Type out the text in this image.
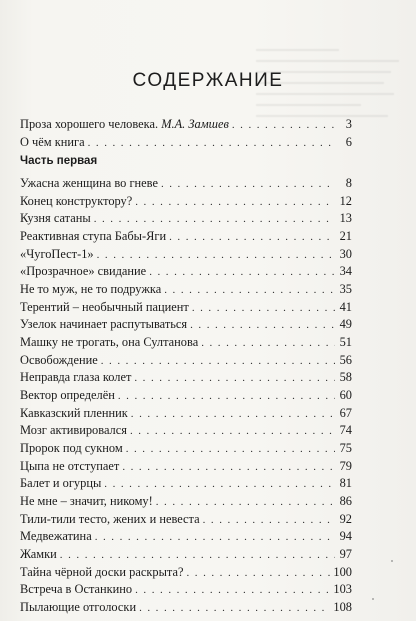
СОДЕРЖАНИЕ
Проза хорошего человека. М.А. Замшев . . .	3
О чём книга . . .	6
Часть первая
Ужасна женщина во гневе . . .	8
Конец конструктору? . . .	12
Кузня сатаны . . .	13
Реактивная ступа Бабы-Яги . . .	21
«ЧугоПест-1» . . .	30
«Прозрачное» свидание . . .	34
Не то муж, не то подружка . . .	35
Терентий – необычный пациент . . .	41
Узелок начинает распутываться . . .	49
Машку не трогать, она Султанова . . .	51
Освобождение . . .	56
Неправда глаза колет . . .	58
Вектор определён . . .	60
Кавказский пленник . . .	67
Мозг активировался . . .	74
Пророк под сукном . . .	75
Цыпа не отступает . . .	79
Балет и огурцы . . .	81
Не мне – значит, никому! . . .	86
Тили-тили тесто, жених и невеста . . .	92
Медвежатина . . .	94
Жамки . . .	97
Тайна чёрной доски раскрыта? . . .	100
Встреча в Останкино . . .	103
Пылающие отголоски . . .	108
